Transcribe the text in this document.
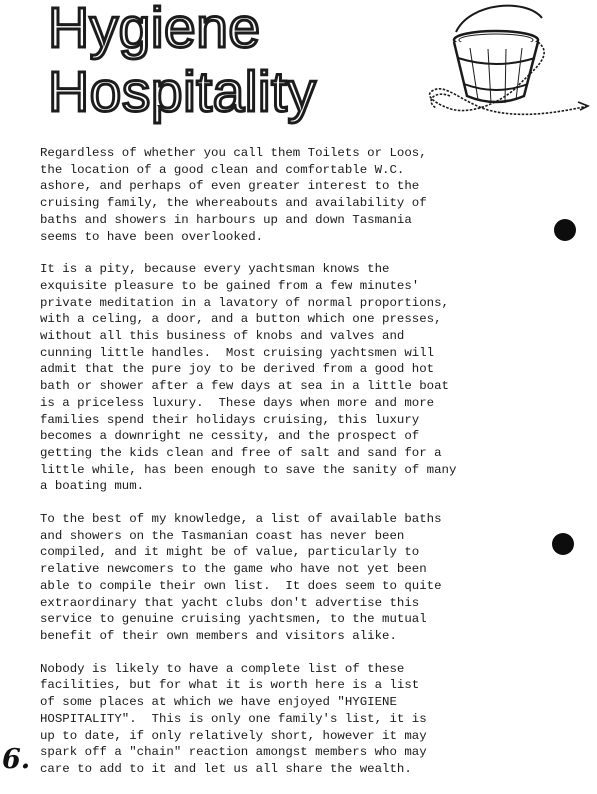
Hygiene
Hospitality

Regardless of whether you call them Toilets or Loos,
the location of a good clean and comfortable W.C.
ashore, and perhaps of even greater interest to the
cruising family, the whereabouts and availability of
baths and showers in harbours up and down Tasmania
seems to have been overlooked.

It is a pity, because every yachtsman knows the
exquisite pleasure to be gained from a few minutes'
private meditation in a lavatory of normal proportions,
with a celing, a door, and a button which one presses,
without all this business of knobs and valves and
cunning little handles.  Most cruising yachtsmen will
admit that the pure joy to be derived from a good hot
bath or shower after a few days at sea in a little boat
is a priceless luxury.  These days when more and more
families spend their holidays cruising, this luxury
becomes a downright ne cessity, and the prospect of
getting the kids clean and free of salt and sand for a
little while, has been enough to save the sanity of many
a boating mum.

To the best of my knowledge, a list of available baths
and showers on the Tasmanian coast has never been
compiled, and it might be of value, particularly to
relative newcomers to the game who have not yet been
able to compile their own list.  It does seem to quite
extraordinary that yacht clubs don't advertise this
service to genuine cruising yachtsmen, to the mutual
benefit of their own members and visitors alike.

Nobody is likely to have a complete list of these
facilities, but for what it is worth here is a list
of some places at which we have enjoyed "HYGIENE
HOSPITALITY".  This is only one family's list, it is
up to date, if only relatively short, however it may
spark off a "chain" reaction amongst members who may
care to add to it and let us all share the wealth.

6.
